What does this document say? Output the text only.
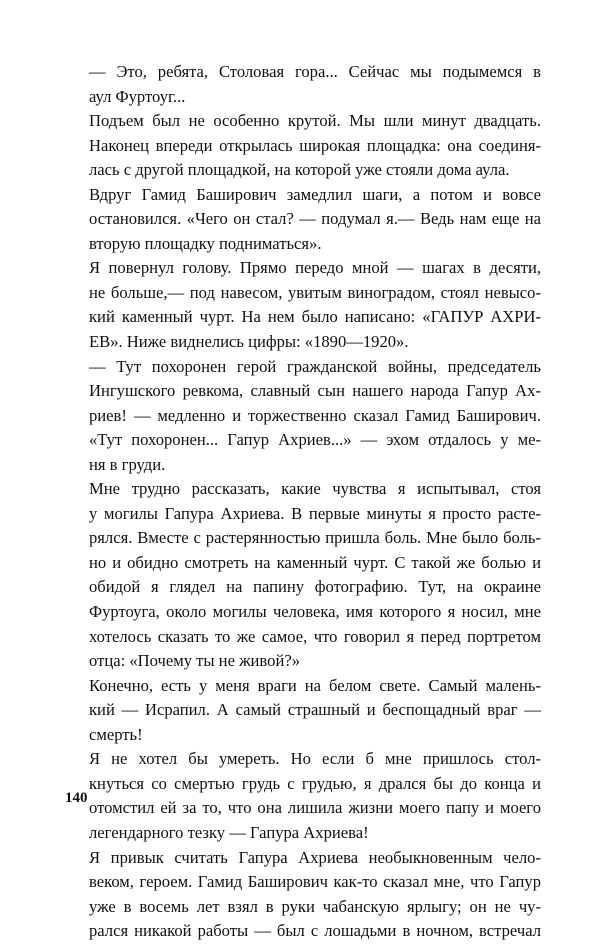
— Это, ребята, Столовая гора... Сейчас мы подымемся в
аул Фуртоуг...
Подъем был не особенно крутой. Мы шли минут двадцать.
Наконец впереди открылась широкая площадка: она соединя-
лась с другой площадкой, на которой уже стояли дома аула.
Вдруг Гамид Баширович замедлил шаги, а потом и вовсе
остановился. «Чего он стал? — подумал я.— Ведь нам еще на
вторую площадку подниматься».
Я повернул голову. Прямо передо мной — шагах в десяти,
не больше,— под навесом, увитым виноградом, стоял невысо-
кий каменный чурт. На нем было написано: «ГАПУР АХРИ-
ЕВ». Ниже виднелись цифры: «1890—1920».
— Тут похоронен герой гражданской войны, председатель
Ингушского ревкома, славный сын нашего народа Гапур Ах-
риев! — медленно и торжественно сказал Гамид Баширович.
«Тут похоронен... Гапур Ахриев...» — эхом отдалось у ме-
ня в груди.
Мне трудно рассказать, какие чувства я испытывал, стоя
у могилы Гапура Ахриева. В первые минуты я просто расте-
рялся. Вместе с растерянностью пришла боль. Мне было боль-
но и обидно смотреть на каменный чурт. С такой же болью и
обидой я глядел на папину фотографию. Тут, на окраине
Фуртоуга, около могилы человека, имя которого я носил, мне
хотелось сказать то же самое, что говорил я перед портретом
отца: «Почему ты не живой?»
Конечно, есть у меня враги на белом свете. Самый малень-
кий — Исрапил. А самый страшный и беспощадный враг —
смерть!
Я не хотел бы умереть. Но если б мне пришлось стол-
кнуться со смертью грудь с грудью, я дрался бы до конца и
отомстил ей за то, что она лишила жизни моего папу и моего
легендарного тезку — Гапура Ахриева!
Я привык считать Гапура Ахриева необыкновенным чело-
веком, героем. Гамид Баширович как-то сказал мне, что Гапур
уже в восемь лет взял в руки чабанскую ярлыгу; он не чу-
рался никакой работы — был с лошадьми в ночном, встречал
140
